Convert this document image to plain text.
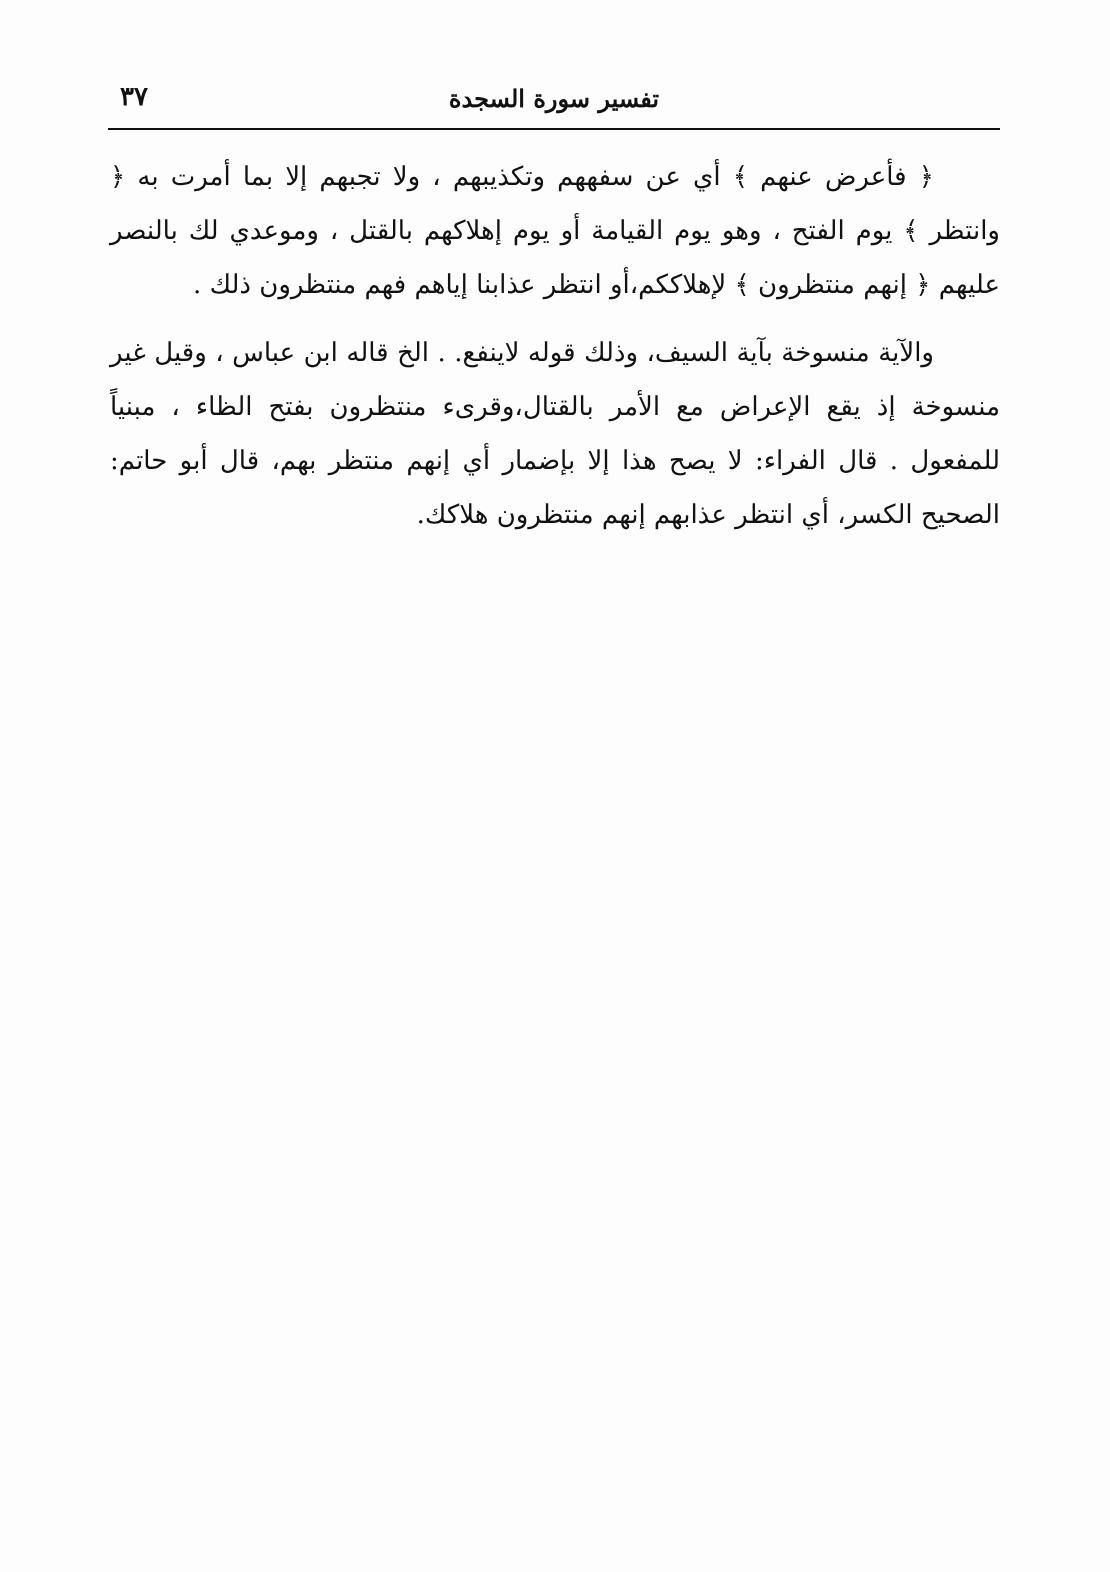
٣٧	تفسير سورة السجدة

﴿ فأعرض عنهم ﴾ أي عن سفههم وتكذيبهم ، ولا تجبهم إلا بما أمرت به ﴿ وانتظر ﴾ يوم الفتح ، وهو يوم القيامة أو يوم إهلاكهم بالقتل ، وموعدي لك بالنصر عليهم ﴿ إنهم منتظرون ﴾ لإهلاككم،أو انتظر عذابنا إياهم فهم منتظرون ذلك .

والآية منسوخة بآية السيف، وذلك قوله لاينفع. . الخ قاله ابن عباس ، وقيل غير منسوخة إذ يقع الإعراض مع الأمر بالقتال،وقرىء منتظرون بفتح الظاء ، مبنياً للمفعول . قال الفراء: لا يصح هذا إلا بإضمار أي إنهم منتظر بهم، قال أبو حاتم: الصحيح الكسر، أي انتظر عذابهم إنهم منتظرون هلاكك.
